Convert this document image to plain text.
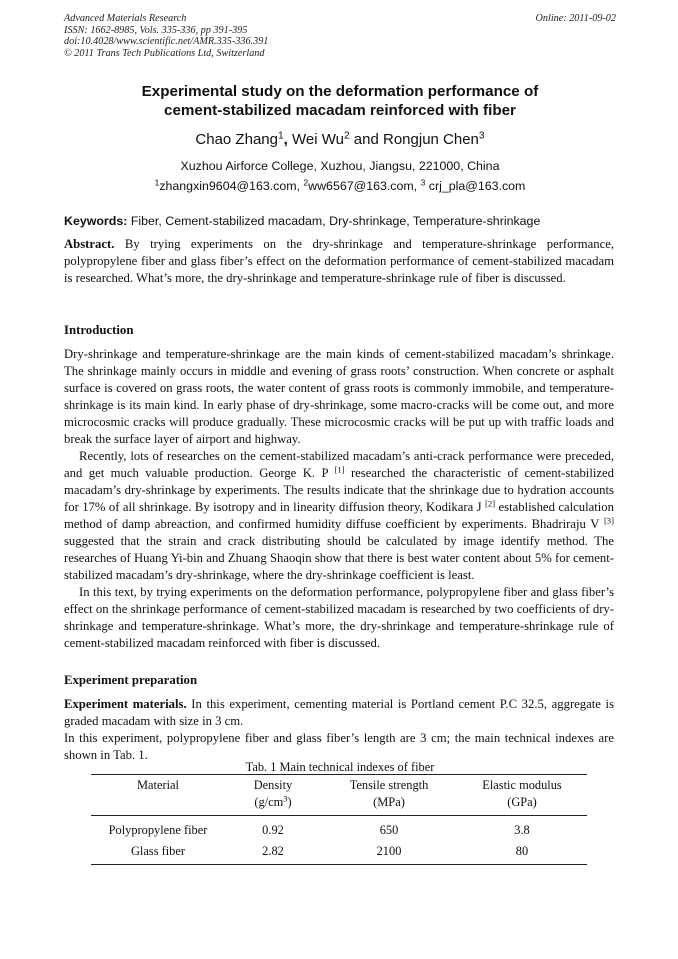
Advanced Materials Research
ISSN: 1662-8985, Vols. 335-336, pp 391-395
doi:10.4028/www.scientific.net/AMR.335-336.391
© 2011 Trans Tech Publications Ltd, Switzerland
Online: 2011-09-02
Experimental study on the deformation performance of
cement-stabilized macadam reinforced with fiber
Chao Zhang$^1$, Wei Wu$^2$ and Rongjun Chen$^3$
Xuzhou Airforce College, Xuzhou, Jiangsu, 221000, China
$^1$zhangxin9604@163.com, $^2$ww6567@163.com, $^3$ crj_pla@163.com
Keywords: Fiber, Cement-stabilized macadam, Dry-shrinkage, Temperature-shrinkage

Abstract. By trying experiments on the dry-shrinkage and temperature-shrinkage performance, polypropylene fiber and glass fiber’s effect on the deformation performance of cement-stabilized macadam is researched. What’s more, the dry-shrinkage and temperature-shrinkage rule of fiber is discussed.

Introduction

Dry-shrinkage and temperature-shrinkage are the main kinds of cement-stabilized macadam’s shrinkage. The shrinkage mainly occurs in middle and evening of grass roots’ construction. When concrete or asphalt surface is covered on grass roots, the water content of grass roots is commonly immobile, and temperature-shrinkage is its main kind. In early phase of dry-shrinkage, some macro-cracks will be come out, and more microcosmic cracks will produce gradually. These microcosmic cracks will be put up with traffic loads and break the surface layer of airport and highway.

Recently, lots of researches on the cement-stabilized macadam’s anti-crack performance were preceded, and get much valuable production. George K. P [1] researched the characteristic of cement-stabilized macadam’s dry-shrinkage by experiments. The results indicate that the shrinkage due to hydration accounts for 17% of all shrinkage. By isotropy and in linearity diffusion theory, Kodikara J [2] established calculation method of damp abreaction, and confirmed humidity diffuse coefficient by experiments. Bhadriraju V [3] suggested that the strain and crack distributing should be calculated by image identify method. The researches of Huang Yi-bin and Zhuang Shaoqin show that there is best water content about 5% for cement-stabilized macadam’s dry-shrinkage, where the dry-shrinkage coefficient is least.

In this text, by trying experiments on the deformation performance, polypropylene fiber and glass fiber’s effect on the shrinkage performance of cement-stabilized macadam is researched by two coefficients of dry-shrinkage and temperature-shrinkage. What’s more, the dry-shrinkage and temperature-shrinkage rule of cement-stabilized macadam reinforced with fiber is discussed.

Experiment preparation

Experiment materials. In this experiment, cementing material is Portland cement P.C 32.5, aggregate is graded macadam with size in 3 cm.

In this experiment, polypropylene fiber and glass fiber’s length are 3 cm; the main technical indexes are shown in Tab. 1.

Tab. 1 Main technical indexes of fiber
Material	Density	Tensile strength	Elastic modulus
	$(g/cm^3)$	(MPa)	(GPa)
Polypropylene fiber	0.92	650	3.8
Glass fiber	2.82	2100	80
